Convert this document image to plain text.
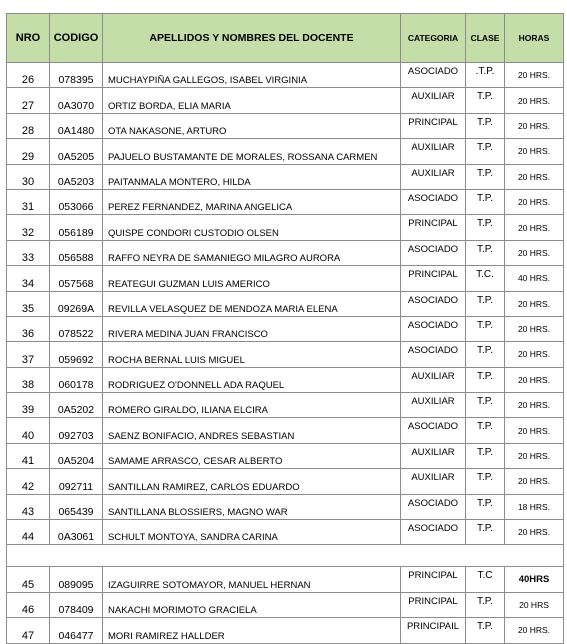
NRO	CODIGO	APELLIDOS Y NOMBRES DEL DOCENTE	CATEGORIA	CLASE	HORAS
26	078395	MUCHAYPIÑA GALLEGOS, ISABEL VIRGINIA	ASOCIADO	.T.P.	20 HRS.
27	0A3070	ORTIZ BORDA, ELIA MARIA	AUXILIAR	T.P.	20 HRS.
28	0A1480	OTA NAKASONE, ARTURO	PRINCIPAL	T.P.	20 HRS.
29	0A5205	PAJUELO BUSTAMANTE DE MORALES, ROSSANA CARMEN	AUXILIAR	T.P.	20 HRS.
30	0A5203	PAITANMALA MONTERO, HILDA	AUXILIAR	T.P.	20 HRS.
31	053066	PEREZ FERNANDEZ, MARINA ANGELICA	ASOCIADO	T.P.	20 HRS.
32	056189	QUISPE CONDORI CUSTODIO OLSEN	PRINCIPAL	T.P.	20 HRS.
33	056588	RAFFO NEYRA DE SAMANIEGO MILAGRO AURORA	ASOCIADO	T.P.	20 HRS.
34	057568	REATEGUI GUZMAN LUIS AMERICO	PRINCIPAL	T.C.	40 HRS.
35	09269A	REVILLA VELASQUEZ DE MENDOZA MARIA ELENA	ASOCIADO	T.P.	20 HRS.
36	078522	RIVERA MEDINA JUAN FRANCISCO	ASOCIADO	T.P.	20 HRS.
37	059692	ROCHA BERNAL LUIS MIGUEL	ASOCIADO	T.P.	20 HRS.
38	060178	RODRIGUEZ O'DONNELL ADA RAQUEL	AUXILIAR	T.P.	20 HRS.
39	0A5202	ROMERO GIRALDO, ILIANA ELCIRA	AUXILIAR	T.P.	20 HRS.
40	092703	SAENZ BONIFACIO, ANDRES SEBASTIAN	ASOCIADO	T.P.	20 HRS.
41	0A5204	SAMAME ARRASCO, CESAR ALBERTO	AUXILIAR	T.P.	20 HRS.
42	092711	SANTILLAN RAMIREZ, CARLOS EDUARDO	AUXILIAR	T.P.	20 HRS.
43	065439	SANTILLANA BLOSSIERS, MAGNO WAR	ASOCIADO	T.P.	18 HRS.
44	0A3061	SCHULT MONTOYA, SANDRA CARINA	ASOCIADO	T.P.	20 HRS.

45	089095	IZAGUIRRE SOTOMAYOR, MANUEL HERNAN	PRINCIPAL	T.C	40HRS
46	078409	NAKACHI MORIMOTO GRACIELA	PRINCIPAL	T.P.	20 HRS
47	046477	MORI RAMIREZ HALLDER	PRINCIPAIL	T.P.	20 HRS.
